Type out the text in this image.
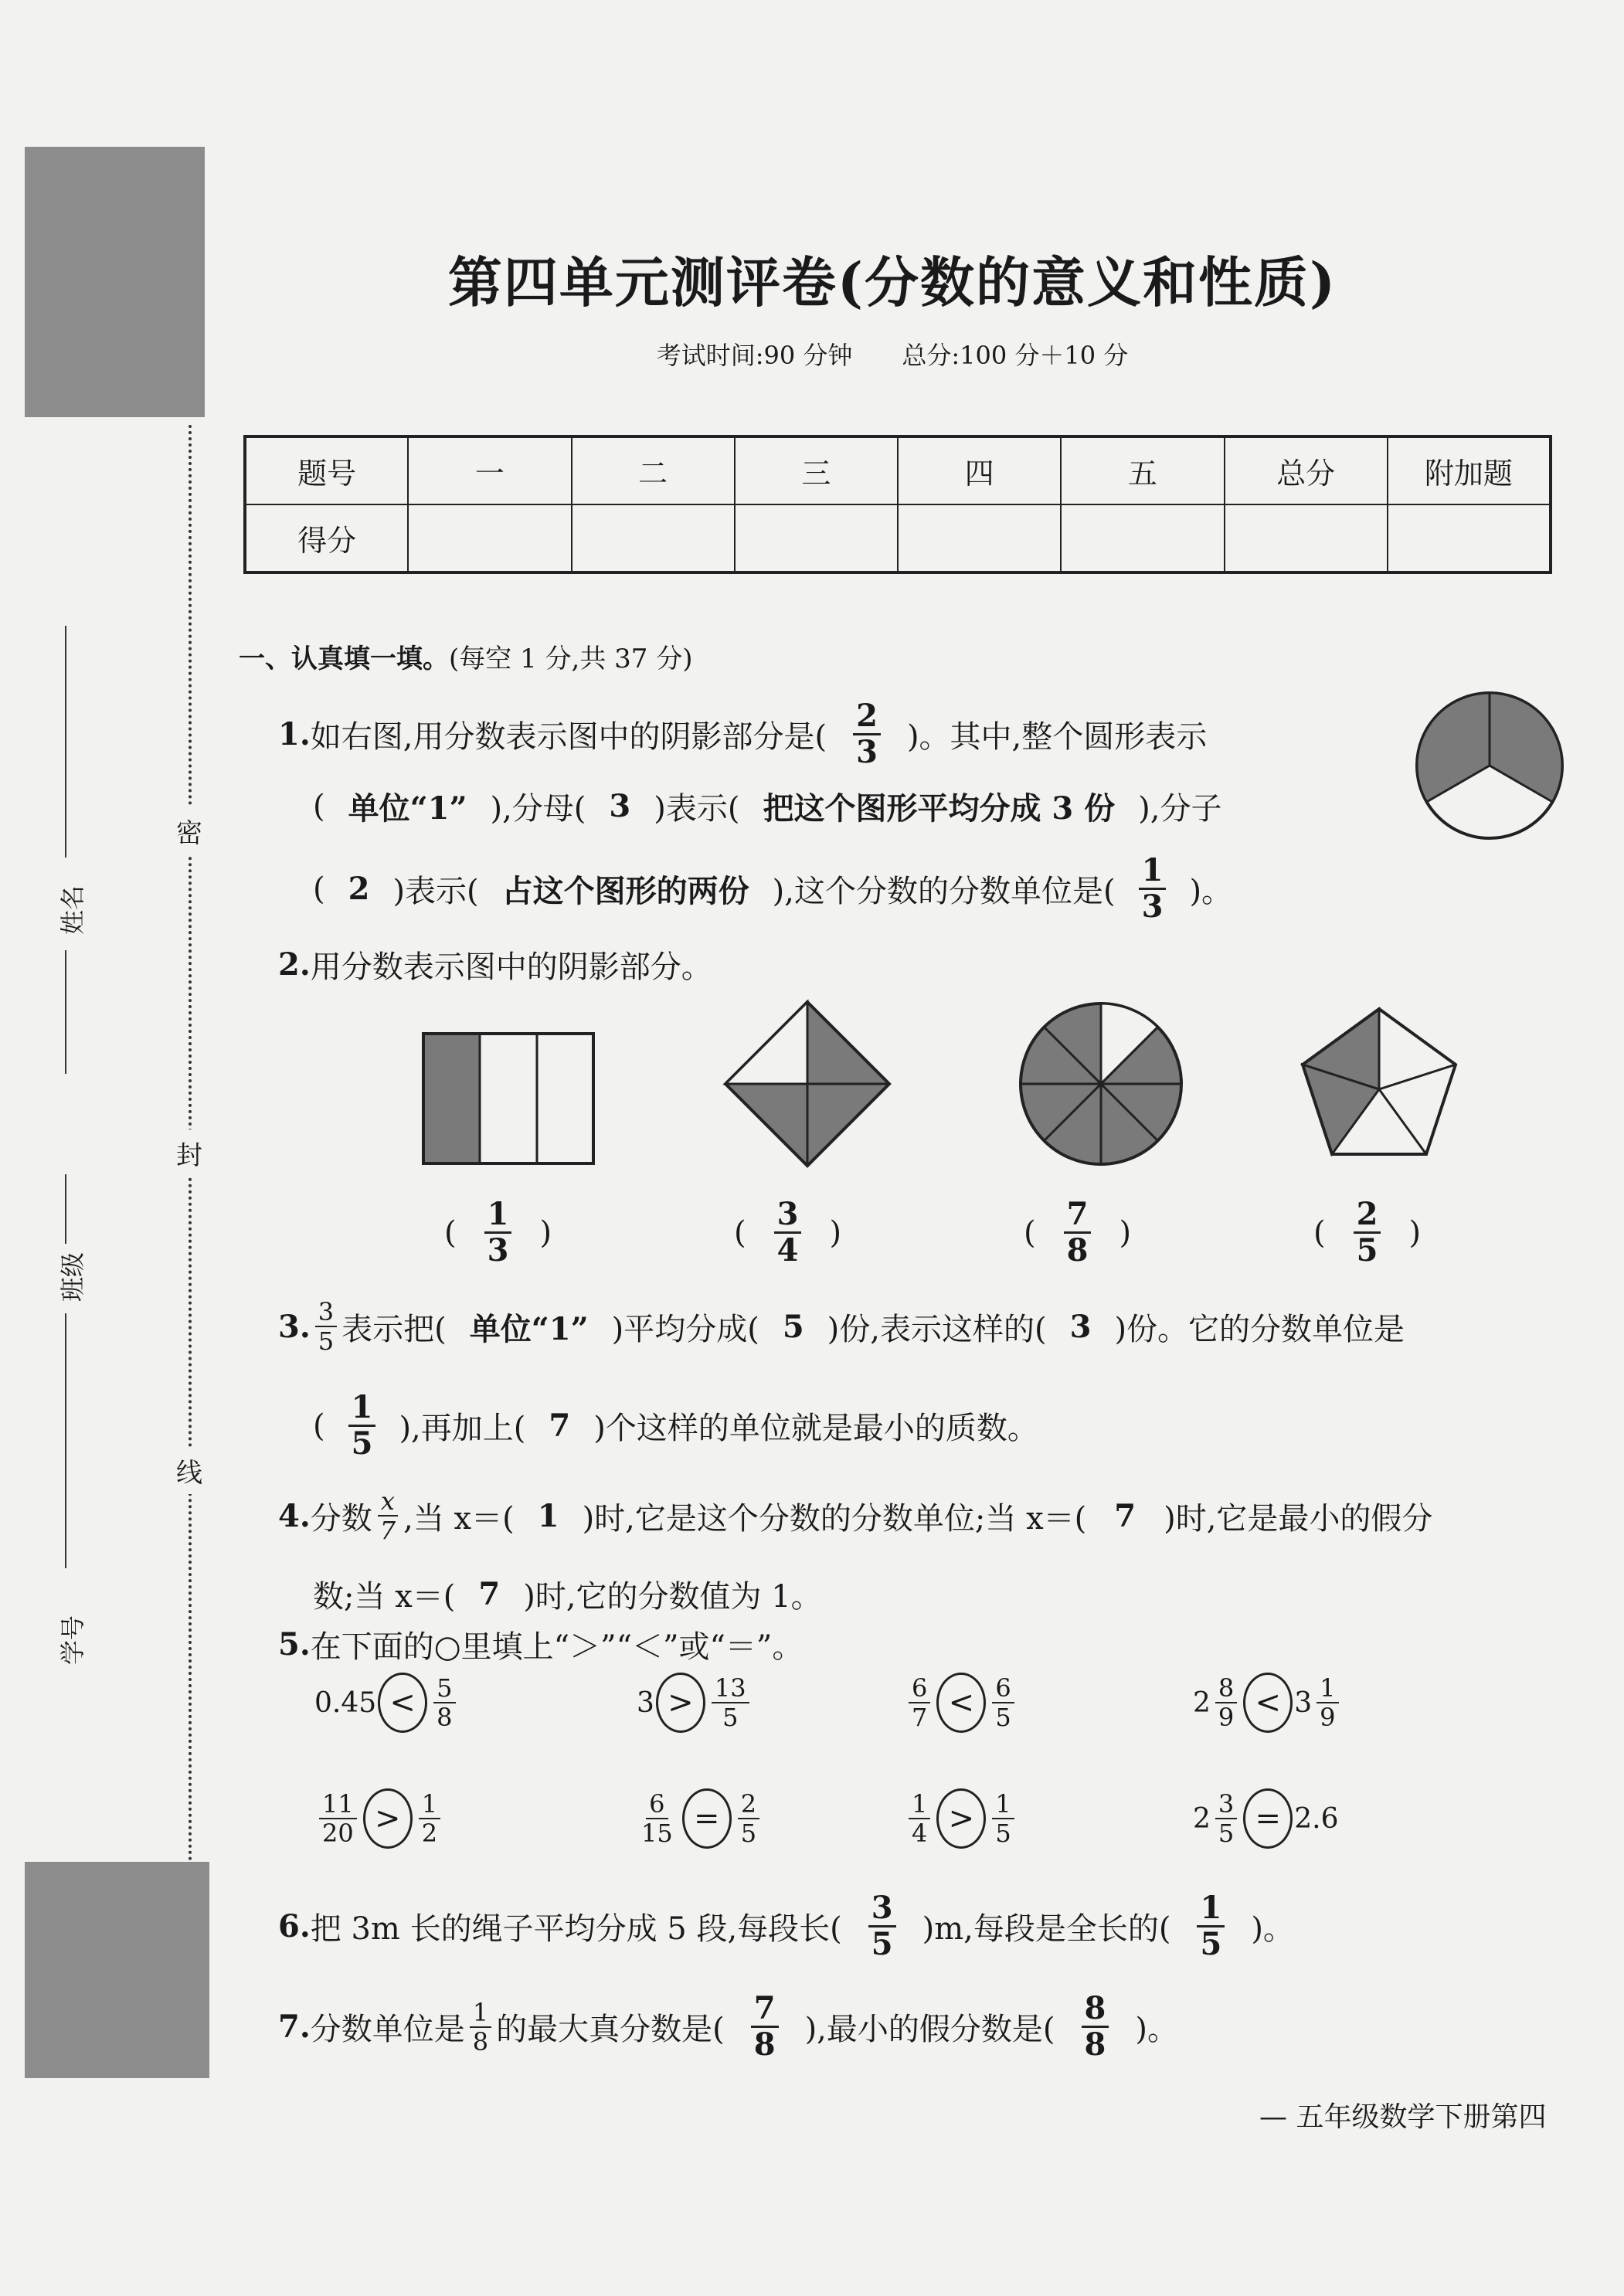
密
封
线
姓名
班级
学号
第四单元测评卷(分数的意义和性质)
考试时间:90 分钟　　总分:100 分＋10 分
题号	一	二	三	四	五	总分	附加题
得分							
一、认真填一填。 (每空 1 分,共 37 分)
1. 如右图,用分数表示图中的阴影部分是( $\frac{2}{3}$ )。其中,整个圆形表示
( 单位“1” ),分母( 3 )表示( 把这个图形平均分成 3 份 ),分子
( 2 )表示( 占这个图形的两份 ),这个分数的分数单位是( $\frac{1}{3}$ )。
2. 用分数表示图中的阴影部分。
( $\frac{1}{3}$ )	( $\frac{3}{4}$ )	( $\frac{7}{8}$ )	( $\frac{2}{5}$ )
3. $\frac{3}{5}$ 表示把( 单位“1” )平均分成( 5 )份,表示这样的( 3 )份。它的分数单位是
( $\frac{1}{5}$ ),再加上( 7 )个这样的单位就是最小的质数。
4. 分数 $\frac{x}{7}$ ,当 x＝( 1 )时,它是这个分数的分数单位;当 x＝( 7 )时,它是最小的假分
数;当 x＝( 7 )时,它的分数值为 1。
5. 在下面的○里填上“＞”“＜”或“＝”。
$0.45 < \frac{5}{8}$	$3 > \frac{13}{5}$	$\frac{6}{7} < \frac{6}{5}$	$2 \frac{8}{9} < 3 \frac{1}{9}$
$\frac{11}{20} > \frac{1}{2}$	$\frac{6}{15} = \frac{2}{5}$	$\frac{1}{4} > \frac{1}{5}$	$2 \frac{3}{5} = 2.6$
6. 把 3m 长的绳子平均分成 5 段,每段长( $\frac{3}{5} )m$,每段是全长的( $\frac{1}{5}$ )。
7. 分数单位是 $\frac{1}{8}$ 的最大真分数是( $\frac{7}{8}$ ),最小的假分数是( $\frac{8}{8}$ )。
— 五年级数学下册第四
